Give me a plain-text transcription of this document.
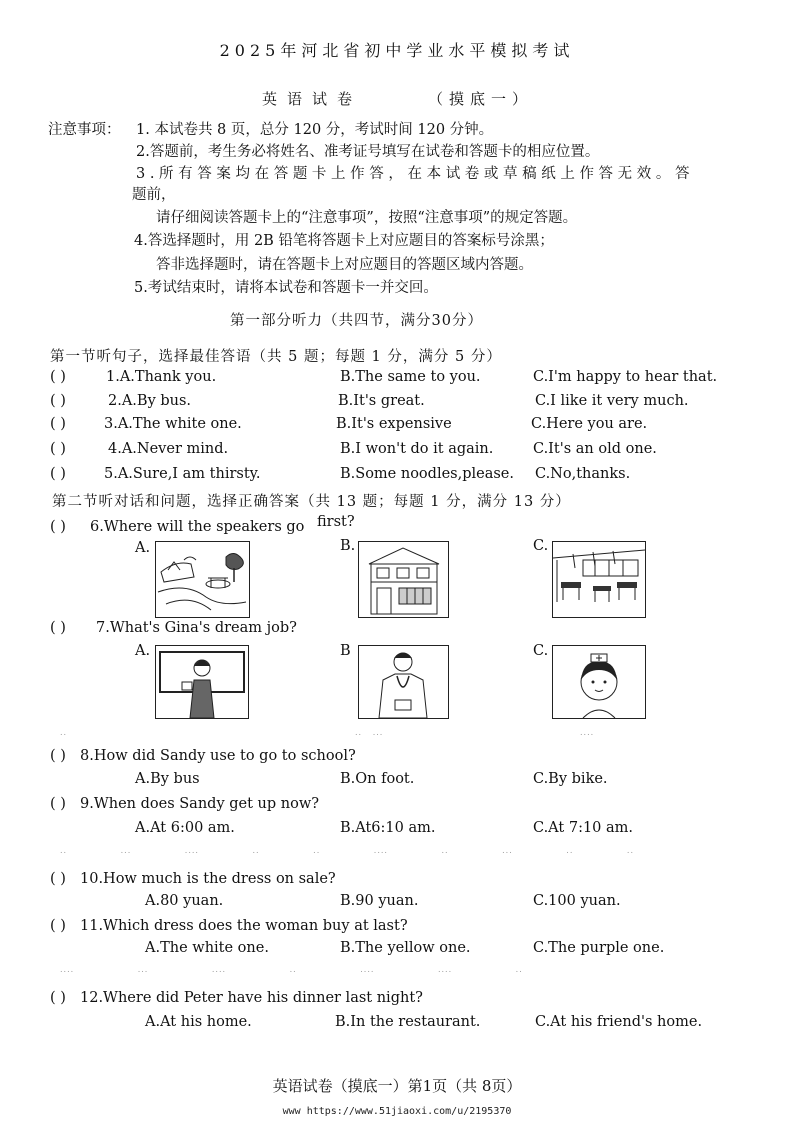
2025年河北省初中学业水平模拟考试
英语试卷	（摸底一）
注意事项： 1. 本试卷共 8 页，总分 120 分，考试时间 120 分钟。
2.答题前，考生务必将姓名、准考证号填写在试卷和答题卡的相应位置。
3 . 所 有 答 案 均 在 答 题 卡 上 作 答 ， 在 本 试 卷 或 草 稿 纸 上 作 答 无 效 。 答
题前，
请仔细阅读答题卡上的“注意事项”，按照“注意事项”的规定答题。
4.答选择题时，用 2B 铅笔将答题卡上对应题目的答案标号涂黑；
答非选择题时，请在答题卡上对应题目的答题区域内答题。
5.考试结束时，请将本试卷和答题卡一并交回。
第一部分听力（共四节，满分30分）
第一节听句子，选择最佳答语（共 5 题；每题 1 分，满分 5 分）
( )	1.A.Thank you.	B.The same to you.	C.I'm happy to hear that.
( )	2.A.By bus.	B.It's great.	C.I like it very much.
( )	3.A.The white one.	B.It's expensive	C.Here you are.
( )	4.A.Never mind.	B.I won't do it again.	C.It's an old one.
( )	5.A.Sure,I am thirsty.	B.Some noodles,please. C.No,thanks.
第二节听对话和问题，选择正确答案（共 13 题；每题 1 分，满分 13 分）
( ) 6.Where will the speakers go first?
A.	B.	C.
( ) 7.What's Gina's dream job?
A.	B	C.
..	..   ...	....
( ) 8.How did Sandy use to go to school?
A.By bus	B.On foot.	C.By bike.
( ) 9.When does Sandy get up now?
A.At 6:00 am.	B.At6:10 am.	C.At 7:10 am.
.. ... .... .. .. .... .. ... .. ..
( ) 10.How much is the dress on sale?
A.80 yuan.	B.90 yuan.	C.100 yuan.
( ) 11.Which dress does the woman buy at last?
A.The white one.	B.The yellow one.	C.The purple one.
.... ... .... .. .... .... ..
( ) 12.Where did Peter have his dinner last night?
A.At his home.	B.In the restaurant.	C.At his friend's home.
英语试卷（摸底一）第1页（共 8页）
www https://www.51jiaoxi.com/u/2195370
